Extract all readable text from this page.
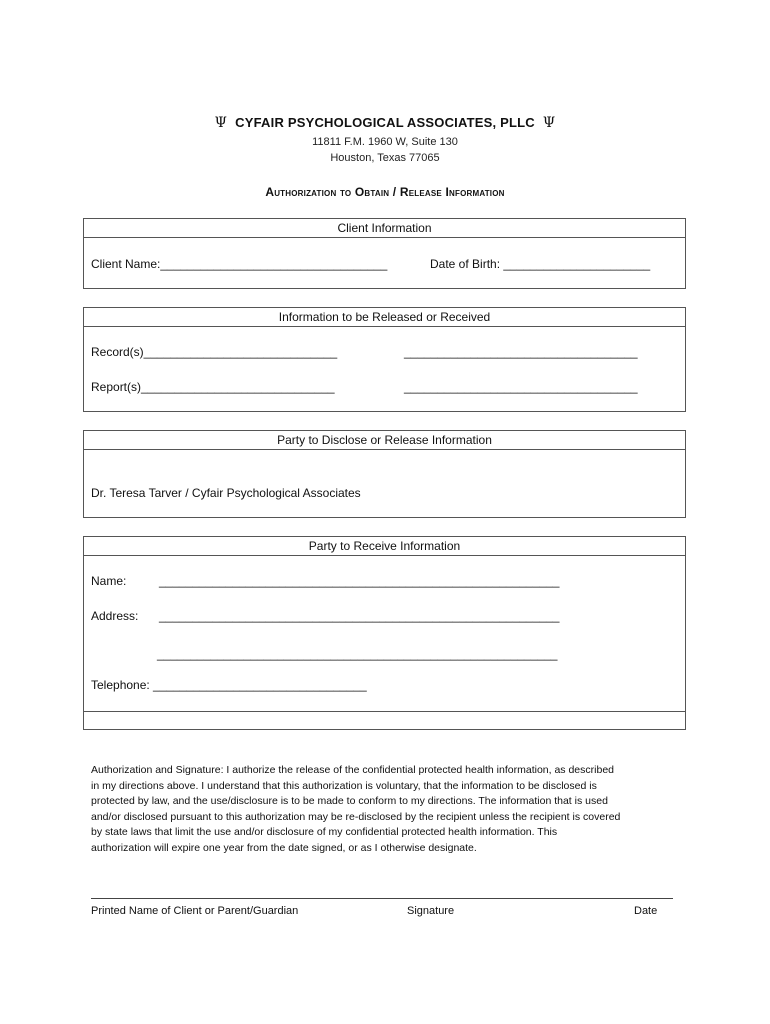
Ψ CYFAIR PSYCHOLOGICAL ASSOCIATES, PLLC Ψ
11811 F.M. 1960 W, Suite 130
Houston, Texas 77065
Authorization to Obtain / Release Information
Client Information
Client Name:__________________________________	Date of Birth: ______________________
Information to be Released or Received
Record(s)_____________________________	___________________________________
Report(s)_____________________________	___________________________________
Party to Disclose or Release Information
Dr. Teresa Tarver / Cyfair Psychological Associates
Party to Receive Information
Name:	____________________________________________________________
Address: ____________________________________________________________
____________________________________________________________
Telephone: ________________________________
Authorization and Signature: I authorize the release of the confidential protected health information, as described
in my directions above. I understand that this authorization is voluntary, that the information to be disclosed is
protected by law, and the use/disclosure is to be made to conform to my directions. The information that is used
and/or disclosed pursuant to this authorization may be re-disclosed by the recipient unless the recipient is covered
by state laws that limit the use and/or disclosure of my confidential protected health information. This
authorization will expire one year from the date signed, or as I otherwise designate.
Printed Name of Client or Parent/Guardian	Signature	Date
